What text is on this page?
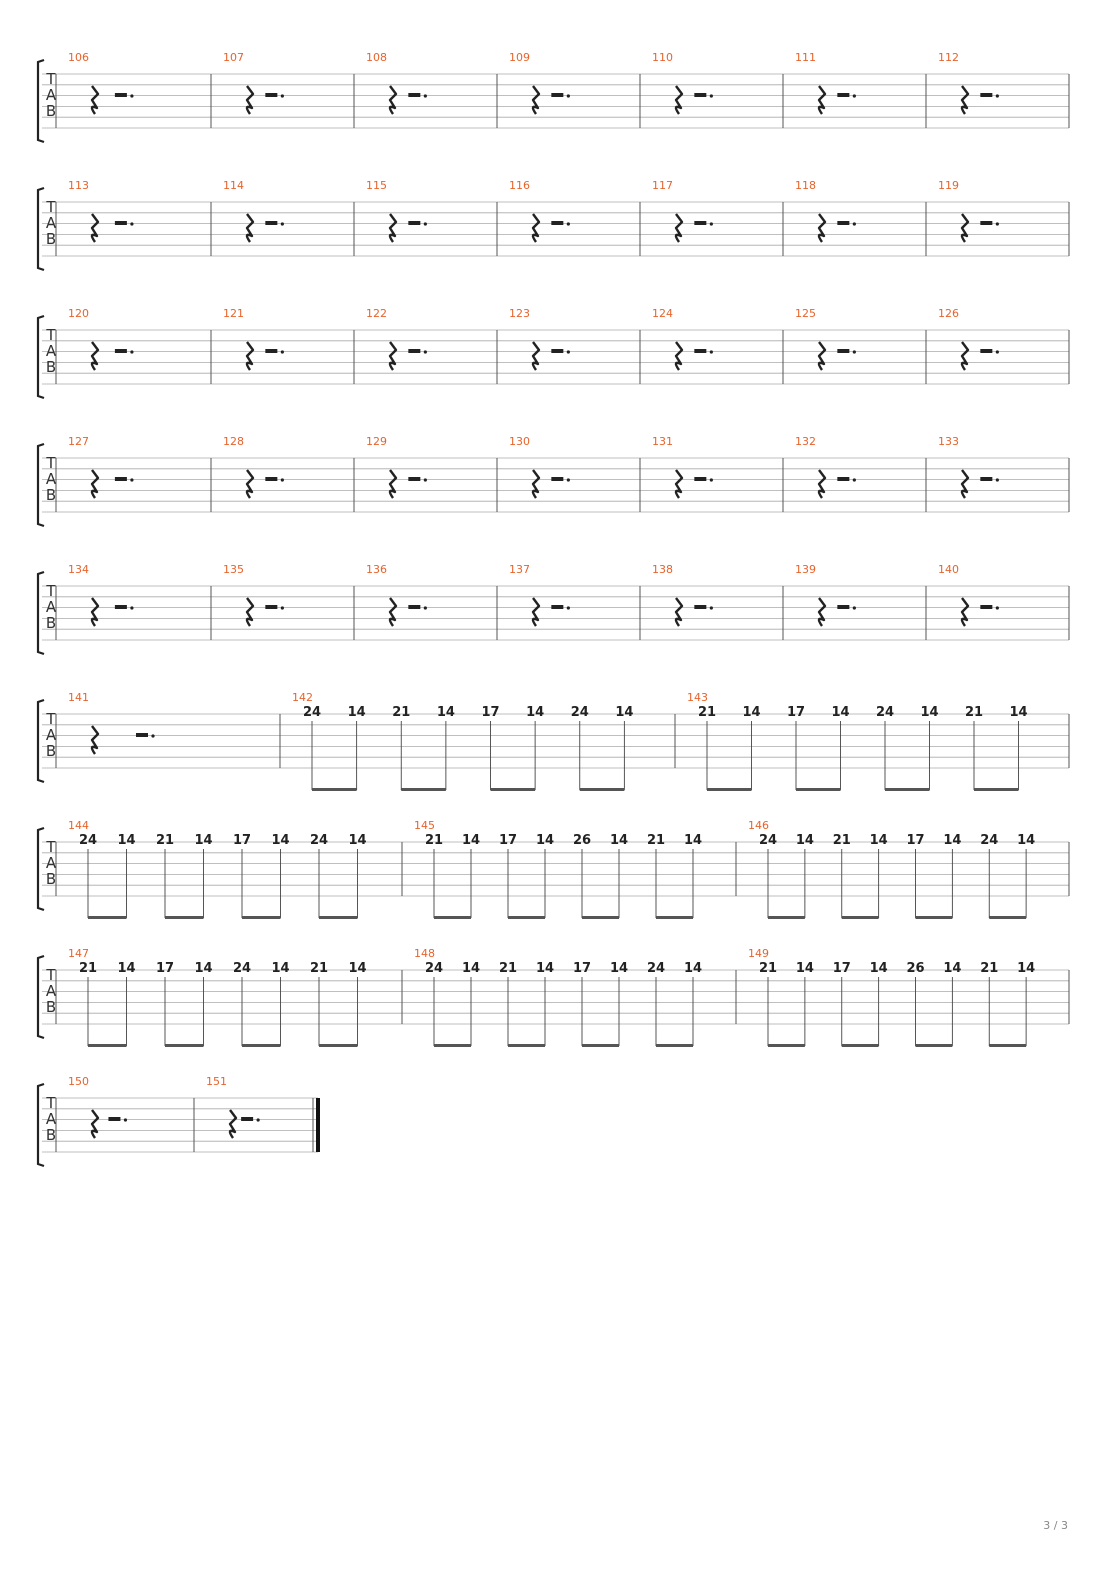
T
A
B
106	107	108	109	110	111	112
T
A
B
113	114	115	116	117	118	119
T
A
B
120	121	122	123	124	125	126
T
A
B
127	128	129	130	131	132	133
T
A
B
134	135	136	137	138	139	140
T
A
B
141	142
24 14 21 14 17 14 24 14
143
21 14 17 14 24 14 21 14
T
A
B
144
24 14 21 14 17 14 24 14
145
21 14 17 14 26 14 21 14
146
24 14 21 14 17 14 24 14
T
A
B
147
21 14 17 14 24 14 21 14
148
24 14 21 14 17 14 24 14
149
21 14 17 14 26 14 21 14
T
A
B
150	151
3 / 3
